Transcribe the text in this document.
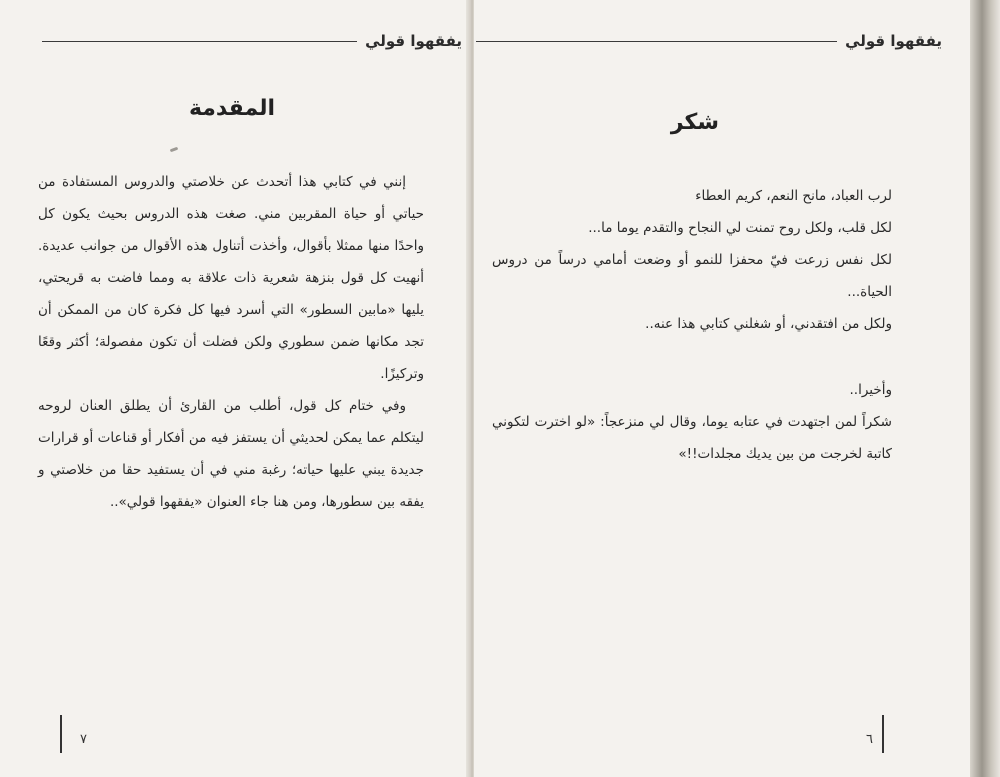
يفقهوا قولي
المقدمة

إنني في كتابي هذا أتحدث عن خلاصتي والدروس المستفادة من حياتي أو حياة المقربين مني. صغت هذه الدروس بحيث يكون كل واحدًا منها ممثلا بأقوال، وأخذت أتناول هذه الأقوال من جوانب عديدة. أنهيت كل قول بنزهة شعرية ذات علاقة به ومما فاضت به قريحتي، يليها «مابين السطور» التي أسرد فيها كل فكرة كان من الممكن أن تجد مكانها ضمن سطوري ولكن فضلت أن تكون مفصولة؛ أكثر وقعًا وتركيزًا.

وفي ختام كل قول، أطلب من القارئ أن يطلق العنان لروحه ليتكلم عما يمكن لحديثي أن يستفز فيه من أفكار أو قناعات أو قرارات جديدة يبني عليها حياته؛ رغبة مني في أن يستفيد حقا من خلاصتي و يفقه بين سطورها، ومن هنا جاء العنوان «يفقهوا قولي»..

٧
يفقهوا قولي
شكر

لرب العباد، مانح النعم، كريم العطاء

لكل قلب، ولكل روح تمنت لي النجاح والتقدم يوما ما...

لكل نفس زرعت فيّ محفزا للنمو أو وضعت أمامي درساً من دروس الحياة...

ولكل من افتقدني، أو شغلني كتابي هذا عنه..

وأخيرا..

شكراً لمن اجتهدت في عتابه يوما، وقال لي منزعجاً: «لو اخترت لتكوني كاتبة لخرجت من بين يديك مجلدات!!»

٦
